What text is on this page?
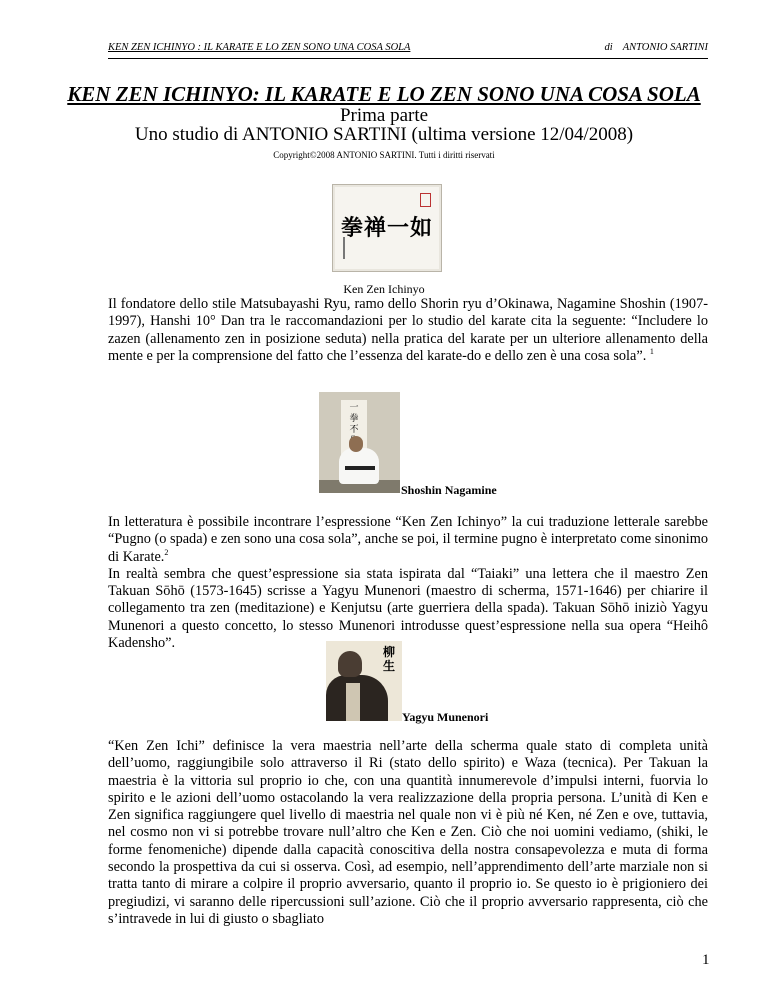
KEN ZEN ICHINYO : IL KARATE E LO ZEN SONO UNA COSA SOLA	di ANTONIO SARTINI
KEN ZEN ICHINYO: IL KARATE E LO ZEN SONO UNA COSA SOLA
Prima parte
Uno studio di ANTONIO SARTINI (ultima versione 12/04/2008)
Copyright©2008 ANTONIO SARTINI. Tutti i diritti riservati
拳禅一如
Ken Zen Ichinyo

Il fondatore dello stile Matsubayashi Ryu, ramo dello Shorin ryu d’Okinawa, Nagamine Shoshin (1907-1997), Hanshi 10° Dan tra le raccomandazioni per lo studio del karate cita la seguente: “Includere lo zazen (allenamento zen in posizione seduta) nella pratica del karate per un ulteriore allenamento della mente e per la comprensione del fatto che l’essenza del karate-do e dello zen è una cosa sola”. $^1$

一拳不
Shoshin Nagamine

In letteratura è possibile incontrare l’espressione “Ken Zen Ichinyo” la cui traduzione letterale sarebbe “Pugno (o spada) e zen sono una cosa sola”, anche se poi, il termine pugno è interpretato come sinonimo di Karate.$^2$

In realtà sembra che quest’espressione sia stata ispirata dal “Taiaki” una lettera che il maestro Zen Takuan Sōhō (1573-1645) scrisse a Yagyu Munenori (maestro di scherma, 1571-1646) per chiarire il collegamento tra zen (meditazione) e Kenjutsu (arte guerriera della spada). Takuan Sōhō iniziò Yagyu Munenori a questo concetto, lo stesso Munenori introdusse quest’espressione nella sua opera “Heihô Kadensho”.

柳生
Yagyu Munenori

“Ken Zen Ichi” definisce la vera maestria nell’arte della scherma quale stato di completa unità dell’uomo, raggiungibile solo attraverso il Ri (stato dello spirito) e Waza (tecnica). Per Takuan la maestria è la vittoria sul proprio io che, con una quantità innumerevole d’impulsi interni, fuorvia lo spirito e le azioni dell’uomo ostacolando la vera realizzazione della propria persona. L’unità di Ken e Zen significa raggiungere quel livello di maestria nel quale non vi è più né Ken, né Zen e ove, tuttavia, nel cosmo non vi si potrebbe trovare null’altro che Ken e Zen. Ciò che noi uomini vediamo, (shiki, le forme fenomeniche) dipende dalla capacità conoscitiva della nostra consapevolezza e muta di forma secondo la prospettiva da cui si osserva. Così, ad esempio, nell’apprendimento dell’arte marziale non si tratta tanto di mirare a colpire il proprio avversario, quanto il proprio io. Se questo io è prigioniero dei pregiudizi, vi saranno delle ripercussioni sull’azione. Ciò che il proprio avversario rappresenta, ciò che s’intravede in lui di giusto o sbagliato

1
